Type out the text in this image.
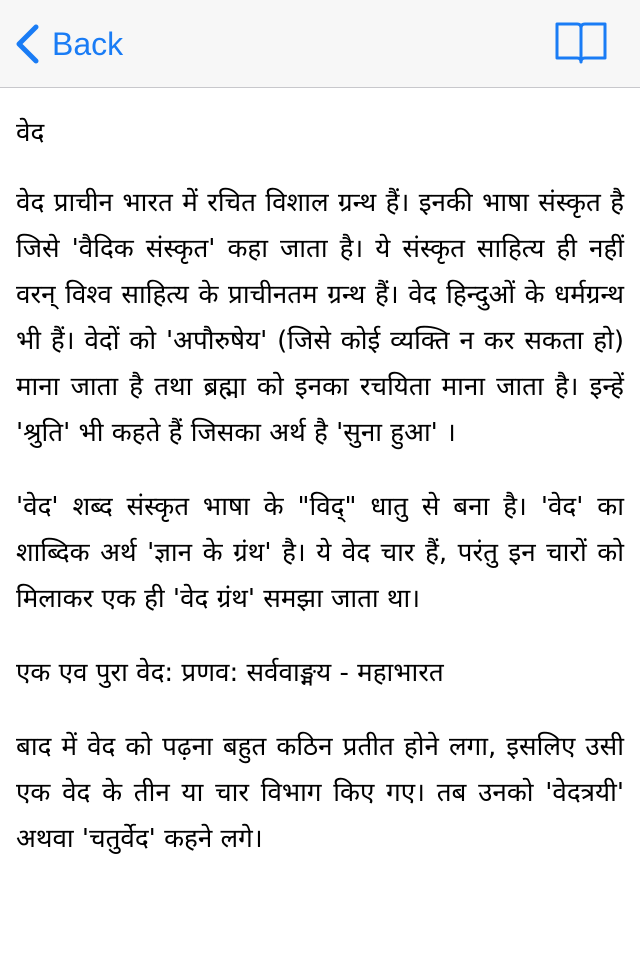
Back

वेद

वेद प्राचीन भारत में रचित विशाल ग्रन्थ हैं। इनकी भाषा संस्कृत है जिसे 'वैदिक संस्कृत' कहा जाता है। ये संस्कृत साहित्य ही नहीं वरन् विश्व साहित्य के प्राचीनतम ग्रन्थ हैं। वेद हिन्दुओं के धर्मग्रन्थ भी हैं। वेदों को 'अपौरुषेय' (जिसे कोई व्यक्ति न कर सकता हो) माना जाता है तथा ब्रह्मा को इनका रचयिता माना जाता है। इन्हें 'श्रुति' भी कहते हैं जिसका अर्थ है 'सुना हुआ' ।

'वेद' शब्द संस्कृत भाषा के "विद्" धातु से बना है। 'वेद' का शाब्दिक अर्थ 'ज्ञान के ग्रंथ' है। ये वेद चार हैं, परंतु इन चारों को मिलाकर एक ही 'वेद ग्रंथ' समझा जाता था।

एक एव पुरा वेद: प्रणव: सर्ववाङ्मय - महाभारत

बाद में वेद को पढ़ना बहुत कठिन प्रतीत होने लगा, इसलिए उसी एक वेद के तीन या चार विभाग किए गए। तब उनको 'वेदत्रयी' अथवा 'चतुर्वेद' कहने लगे।
